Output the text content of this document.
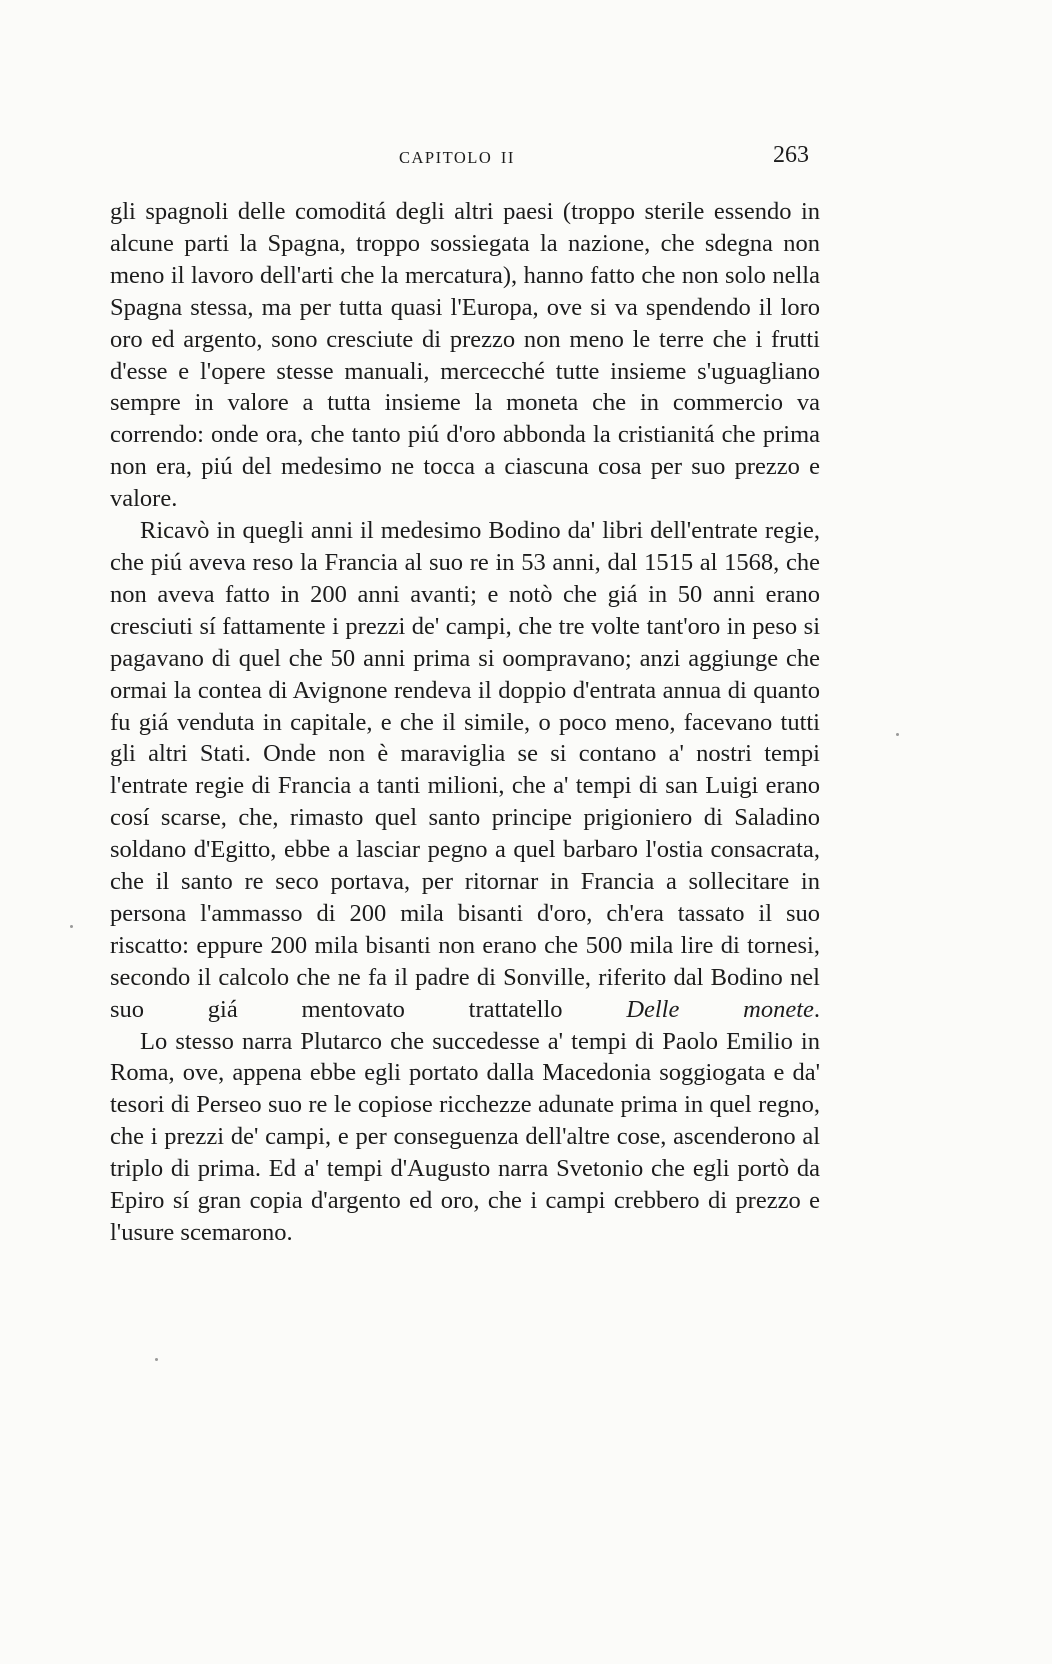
CAPITOLO II	263

gli spagnoli delle comoditá degli altri paesi (troppo sterile essendo in alcune parti la Spagna, troppo sossiegata la nazione, che sdegna non meno il lavoro dell'arti che la mercatura), hanno fatto che non solo nella Spagna stessa, ma per tutta quasi l'Europa, ove si va spendendo il loro oro ed argento, sono cresciute di prezzo non meno le terre che i frutti d'esse e l'opere stesse manuali, mercecché tutte insieme s'uguagliano sempre in valore a tutta insieme la moneta che in commercio va correndo: onde ora, che tanto piú d'oro abbonda la cristianitá che prima non era, piú del medesimo ne tocca a ciascuna cosa per suo prezzo e valore.

Ricavò in quegli anni il medesimo Bodino da' libri dell'entrate regie, che piú aveva reso la Francia al suo re in 53 anni, dal 1515 al 1568, che non aveva fatto in 200 anni avanti; e notò che giá in 50 anni erano cresciuti sí fattamente i prezzi de' campi, che tre volte tant'oro in peso si pagavano di quel che 50 anni prima si oompravano; anzi aggiunge che ormai la contea di Avignone rendeva il doppio d'entrata annua di quanto fu giá venduta in capitale, e che il simile, o poco meno, facevano tutti gli altri Stati. Onde non è maraviglia se si contano a' nostri tempi l'entrate regie di Francia a tanti milioni, che a' tempi di san Luigi erano cosí scarse, che, rimasto quel santo principe prigioniero di Saladino soldano d'Egitto, ebbe a lasciar pegno a quel barbaro l'ostia consacrata, che il santo re seco portava, per ritornar in Francia a sollecitare in persona l'ammasso di 200 mila bisanti d'oro, ch'era tassato il suo riscatto: eppure 200 mila bisanti non erano che 500 mila lire di tornesi, secondo il calcolo che ne fa il padre di Sonville, riferito dal Bodino nel suo giá mentovato trattatello	Delle monete.

Lo stesso narra Plutarco che succedesse a' tempi di Paolo Emilio in Roma, ove, appena ebbe egli portato dalla Macedonia soggiogata e da' tesori di Perseo suo re le copiose ricchezze adunate prima in quel regno, che i prezzi de' campi, e per conseguenza dell'altre cose, ascenderono al triplo di prima. Ed a' tempi d'Augusto narra Svetonio che egli portò da Epiro sí gran copia d'argento ed oro, che i campi crebbero di prezzo e l'usure scemarono.
